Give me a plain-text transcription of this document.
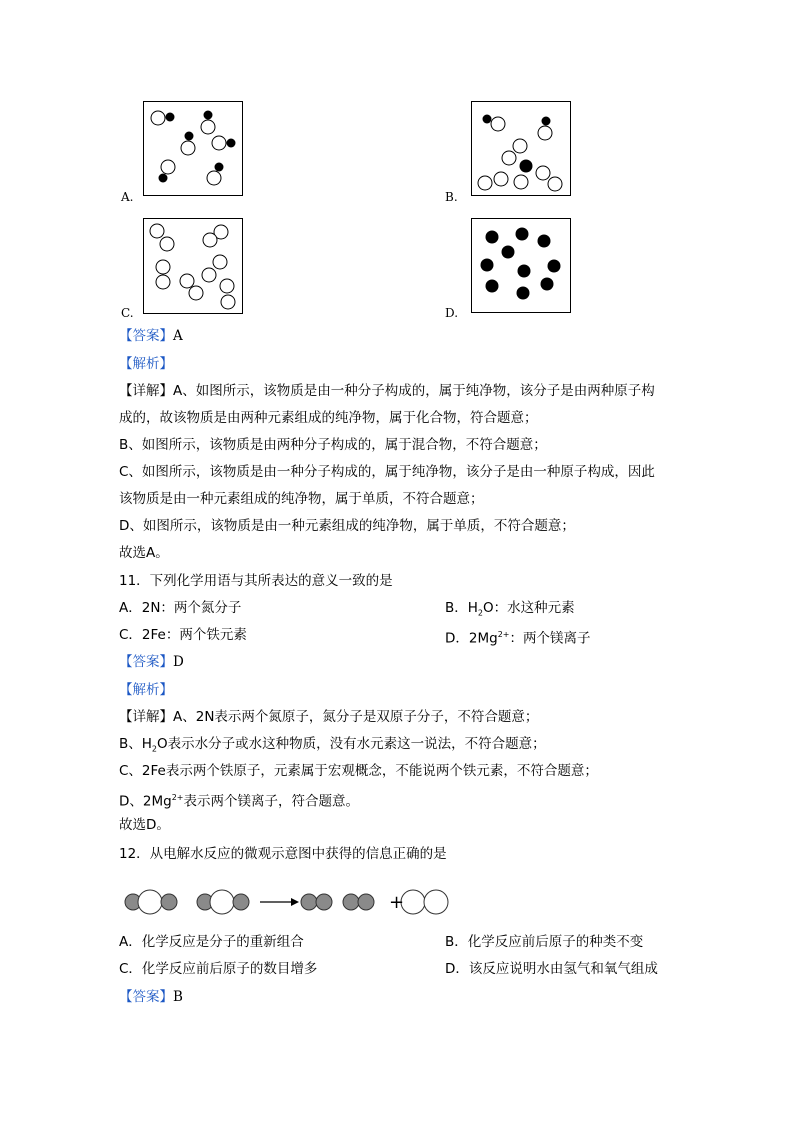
A.	B.
C.	D.
【答案】A
【解析】
【详解】A、如图所示，该物质是由一种分子构成的，属于纯净物，该分子是由两种原子构
成的，故该物质是由两种元素组成的纯净物，属于化合物，符合题意；
B、如图所示，该物质是由两种分子构成的，属于混合物，不符合题意；
C、如图所示，该物质是由一种分子构成的，属于纯净物，该分子是由一种原子构成，因此
该物质是由一种元素组成的纯净物，属于单质，不符合题意；
D、如图所示，该物质是由一种元素组成的纯净物，属于单质，不符合题意；
故选A。
11．下列化学用语与其所表达的意义一致的是
A．2N：两个氮分子	B．$H_2O$：水这种元素
C．2Fe：两个铁元素	D．$2Mg^{2+}$：两个镁离子
【答案】D
【解析】
【详解】A、2N表示两个氮原子，氮分子是双原子分子，不符合题意；
B、$H_2O$表示水分子或水这种物质，没有水元素这一说法，不符合题意；
C、2Fe表示两个铁原子，元素属于宏观概念，不能说两个铁元素，不符合题意；
D、$2Mg^{2+}$表示两个镁离子，符合题意。
故选D。
12．从电解水反应的微观示意图中获得的信息正确的是
+
A．化学反应是分子的重新组合	B．化学反应前后原子的种类不变
C．化学反应前后原子的数目增多	D．该反应说明水由氢气和氧气组成
【答案】B
